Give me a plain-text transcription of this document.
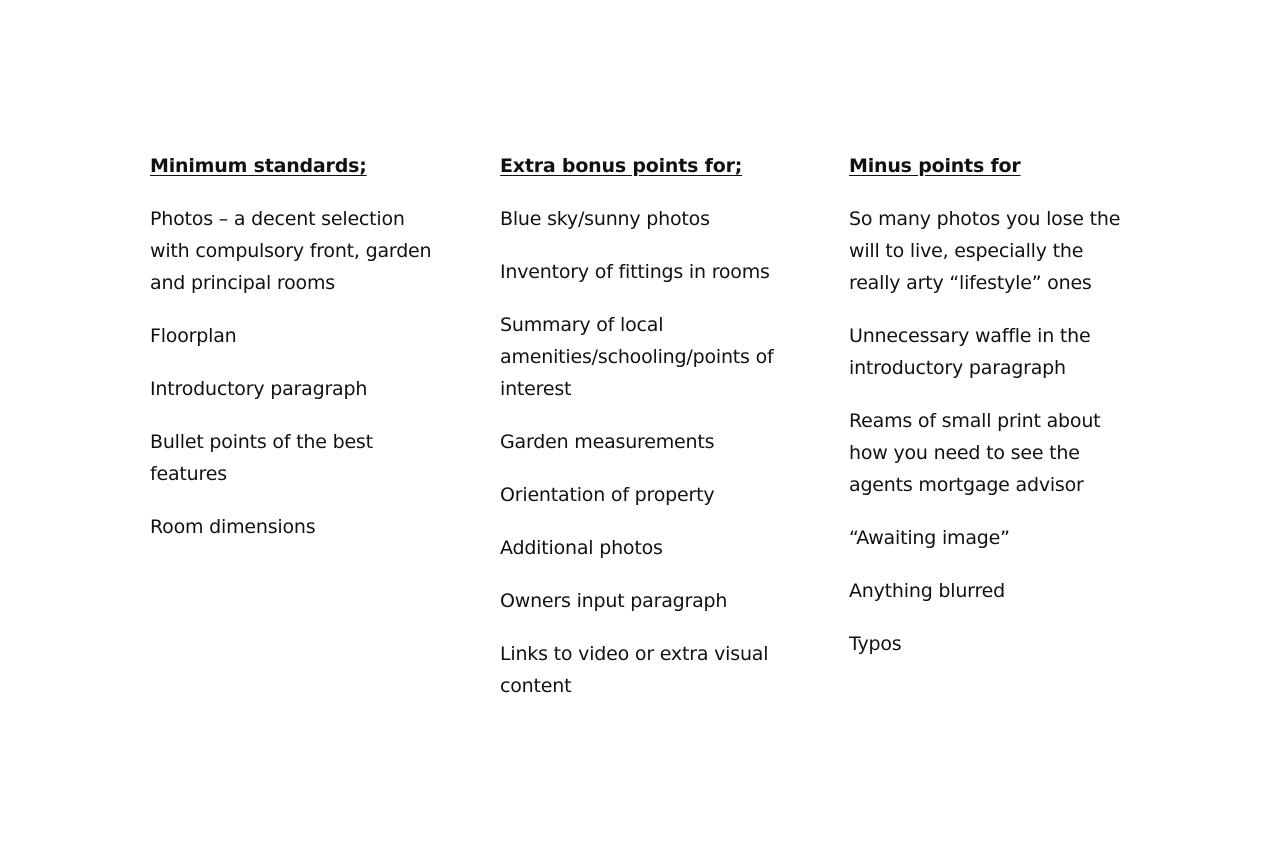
Minimum standards;
Photos – a decent selection with compulsory front, garden and principal rooms
Floorplan
Introductory paragraph
Bullet points of the best features
Room dimensions
Extra bonus points for;
Blue sky/sunny photos
Inventory of fittings in rooms
Summary of local amenities/schooling/points of interest
Garden measurements
Orientation of property
Additional photos
Owners input paragraph
Links to video or extra visual content
Minus points for
So many photos you lose the will to live, especially the really arty “lifestyle” ones
Unnecessary waffle in the introductory paragraph
Reams of small print about how you need to see the agents mortgage advisor
“Awaiting image”
Anything blurred
Typos
